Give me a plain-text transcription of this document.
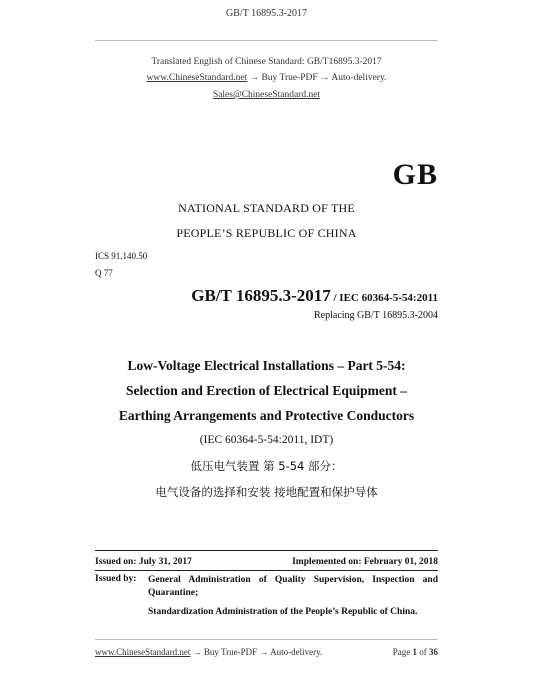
GB/T 16895.3-2017
Translated English of Chinese Standard: GB/T16895.3-2017
www.ChineseStandard.net → Buy True-PDF → Auto-delivery.
Sales@ChineseStandard.net
GB
NATIONAL STANDARD OF THE
PEOPLE’S REPUBLIC OF CHINA
ICS 91.140.50
Q 77
GB/T 16895.3-2017 / IEC 60364-5-54:2011
Replacing GB/T 16895.3-2004
Low-Voltage Electrical Installations – Part 5-54:
Selection and Erection of Electrical Equipment –
Earthing Arrangements and Protective Conductors
(IEC 60364-5-54:2011, IDT)
低压电气装置 第 5-54 部分：
电气设备的选择和安装 接地配置和保护导体
Issued on: July 31, 2017	Implemented on: February 01, 2018
Issued by: General Administration of Quality Supervision, Inspection and Quarantine;
Standardization Administration of the People’s Republic of China.
www.ChineseStandard.net → Buy True-PDF → Auto-delivery.	Page 1 of 36
